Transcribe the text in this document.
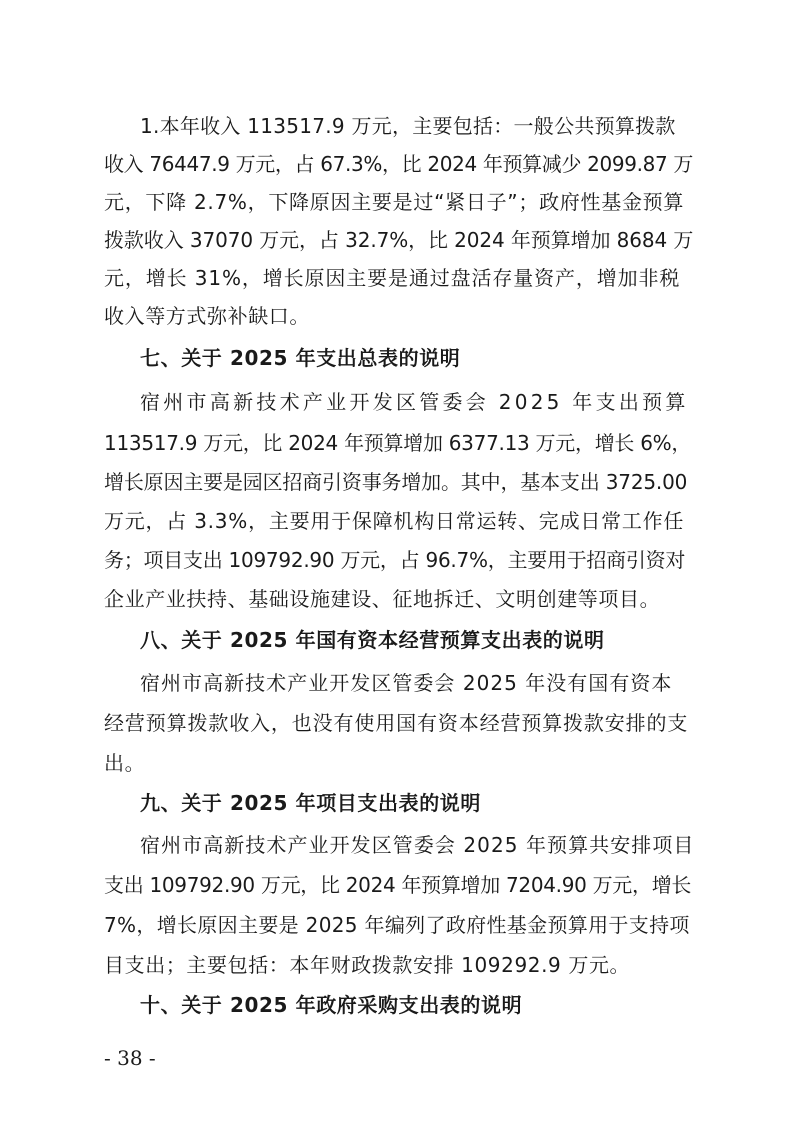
1.本年收入 113517.9 万元，主要包括：一般公共预算拨款
收入 76447.9 万元，占 67.3%，比 2024 年预算减少 2099.87 万
元，下降 2.7%，下降原因主要是过“紧日子”；政府性基金预算
拨款收入 37070 万元，占 32.7%，比 2024 年预算增加 8684 万
元，增长 31%，增长原因主要是通过盘活存量资产，增加非税
收入等方式弥补缺口。
七、关于 2025 年支出总表的说明
宿州市高新技术产业开发区管委会 2025 年支出预算
113517.9 万元，比 2024 年预算增加 6377.13 万元，增长 6%，
增长原因主要是园区招商引资事务增加。其中，基本支出 3725.00
万元，占 3.3%，主要用于保障机构日常运转、完成日常工作任
务；项目支出 109792.90 万元，占 96.7%，主要用于招商引资对
企业产业扶持、基础设施建设、征地拆迁、文明创建等项目。
八、关于 2025 年国有资本经营预算支出表的说明
宿州市高新技术产业开发区管委会 2025 年没有国有资本
经营预算拨款收入，也没有使用国有资本经营预算拨款安排的支
出。
九、关于 2025 年项目支出表的说明
宿州市高新技术产业开发区管委会 2025 年预算共安排项目
支出 109792.90 万元，比 2024 年预算增加 7204.90 万元，增长
7%，增长原因主要是 2025 年编列了政府性基金预算用于支持项
目支出；主要包括：本年财政拨款安排 109292.9 万元。
十、关于 2025 年政府采购支出表的说明
- 38 -
